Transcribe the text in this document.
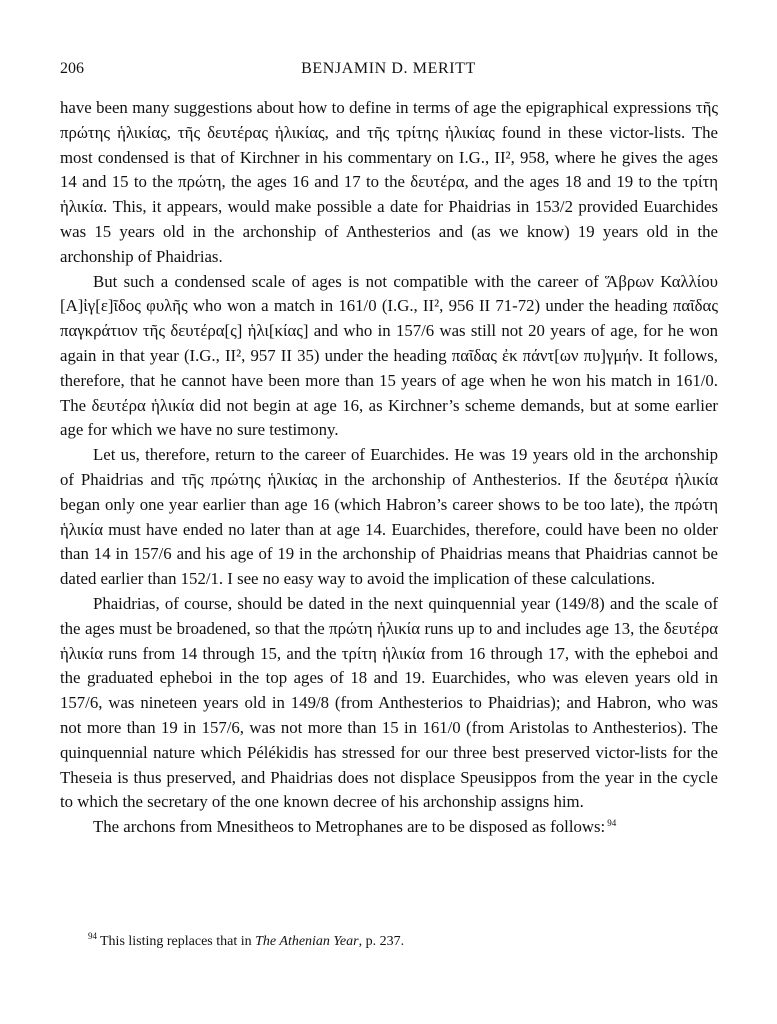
206	BENJAMIN D. MERITT

have been many suggestions about how to define in terms of age the epigraphical expressions τῆς πρώτης ἡλικίας, τῆς δευτέρας ἡλικίας, and τῆς τρίτης ἡλικίας found in these victor-lists. The most condensed is that of Kirchner in his commentary on I.G., II², 958, where he gives the ages 14 and 15 to the πρώτη, the ages 16 and 17 to the δευτέρα, and the ages 18 and 19 to the τρίτη ἡλικία. This, it appears, would make possible a date for Phaidrias in 153/2 provided Euarchides was 15 years old in the archonship of Anthesterios and (as we know) 19 years old in the archonship of Phaidrias.

But such a condensed scale of ages is not compatible with the career of Ἅβρων Καλλίου [Α]ἰγ[ε]ῖδος φυλῆς who won a match in 161/0 (I.G., II², 956 II 71-72) under the heading παῖδας παγκράτιον τῆς δευτέρα[ς] ἡλι[κίας] and who in 157/6 was still not 20 years of age, for he won again in that year (I.G., II², 957 II 35) under the heading παῖδας ἐκ πάντ[ων πυ]γμήν. It follows, therefore, that he cannot have been more than 15 years of age when he won his match in 161/0. The δευτέρα ἡλικία did not begin at age 16, as Kirchner’s scheme demands, but at some earlier age for which we have no sure testimony.

Let us, therefore, return to the career of Euarchides. He was 19 years old in the archonship of Phaidrias and τῆς πρώτης ἡλικίας in the archonship of Anthesterios. If the δευτέρα ἡλικία began only one year earlier than age 16 (which Habron’s career shows to be too late), the πρώτη ἡλικία must have ended no later than at age 14. Euarchides, therefore, could have been no older than 14 in 157/6 and his age of 19 in the archonship of Phaidrias means that Phaidrias cannot be dated earlier than 152/1. I see no easy way to avoid the implication of these calculations.

Phaidrias, of course, should be dated in the next quinquennial year (149/8) and the scale of the ages must be broadened, so that the πρώτη ἡλικία runs up to and includes age 13, the δευτέρα ἡλικία runs from 14 through 15, and the τρίτη ἡλικία from 16 through 17, with the epheboi and the graduated epheboi in the top ages of 18 and 19. Euarchides, who was eleven years old in 157/6, was nineteen years old in 149/8 (from Anthesterios to Phaidrias); and Habron, who was not more than 19 in 157/6, was not more than 15 in 161/0 (from Aristolas to Anthesterios). The quinquennial nature which Pélékidis has stressed for our three best preserved victor-lists for the Theseia is thus preserved, and Phaidrias does not displace Speusippos from the year in the cycle to which the secretary of the one known decree of his archonship assigns him.

The archons from Mnesitheos to Metrophanes are to be disposed as follows: $^{94}$

$^{94}$ This listing replaces that in The Athenian Year, p. 237.
